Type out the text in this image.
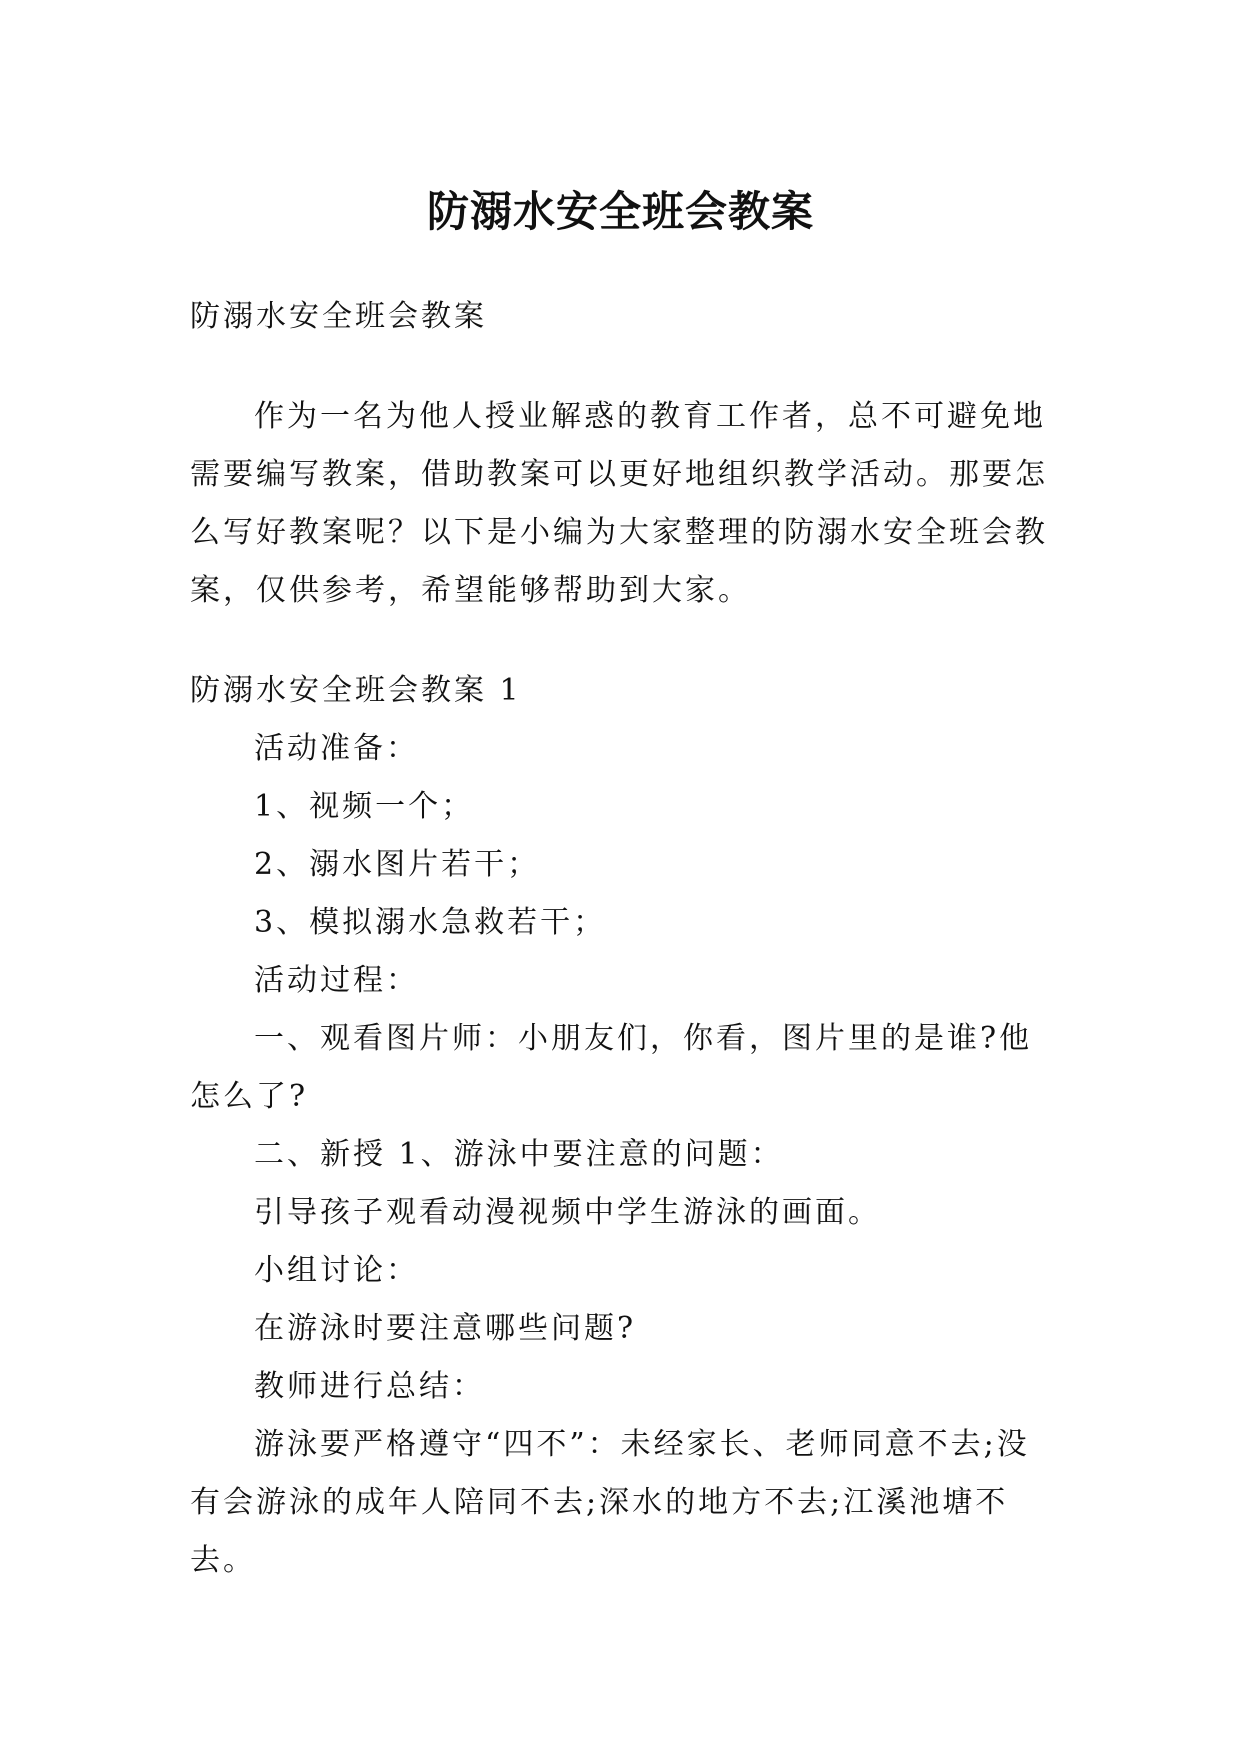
防溺水安全班会教案

防溺水安全班会教案

作为一名为他人授业解惑的教育工作者，总不可避免地需要编写教案，借助教案可以更好地组织教学活动。那要怎么写好教案呢？以下是小编为大家整理的防溺水安全班会教案，仅供参考，希望能够帮助到大家。

防溺水安全班会教案 1

活动准备：

1、视频一个；

2、溺水图片若干；

3、模拟溺水急救若干；

活动过程：

一、观看图片师：小朋友们，你看，图片里的是谁?他怎么了?

二、新授 1、游泳中要注意的问题：

引导孩子观看动漫视频中学生游泳的画面。

小组讨论：

在游泳时要注意哪些问题?

教师进行总结：

游泳要严格遵守“四不”：未经家长、老师同意不去;没有会游泳的成年人陪同不去;深水的地方不去;江溪池塘不去。
